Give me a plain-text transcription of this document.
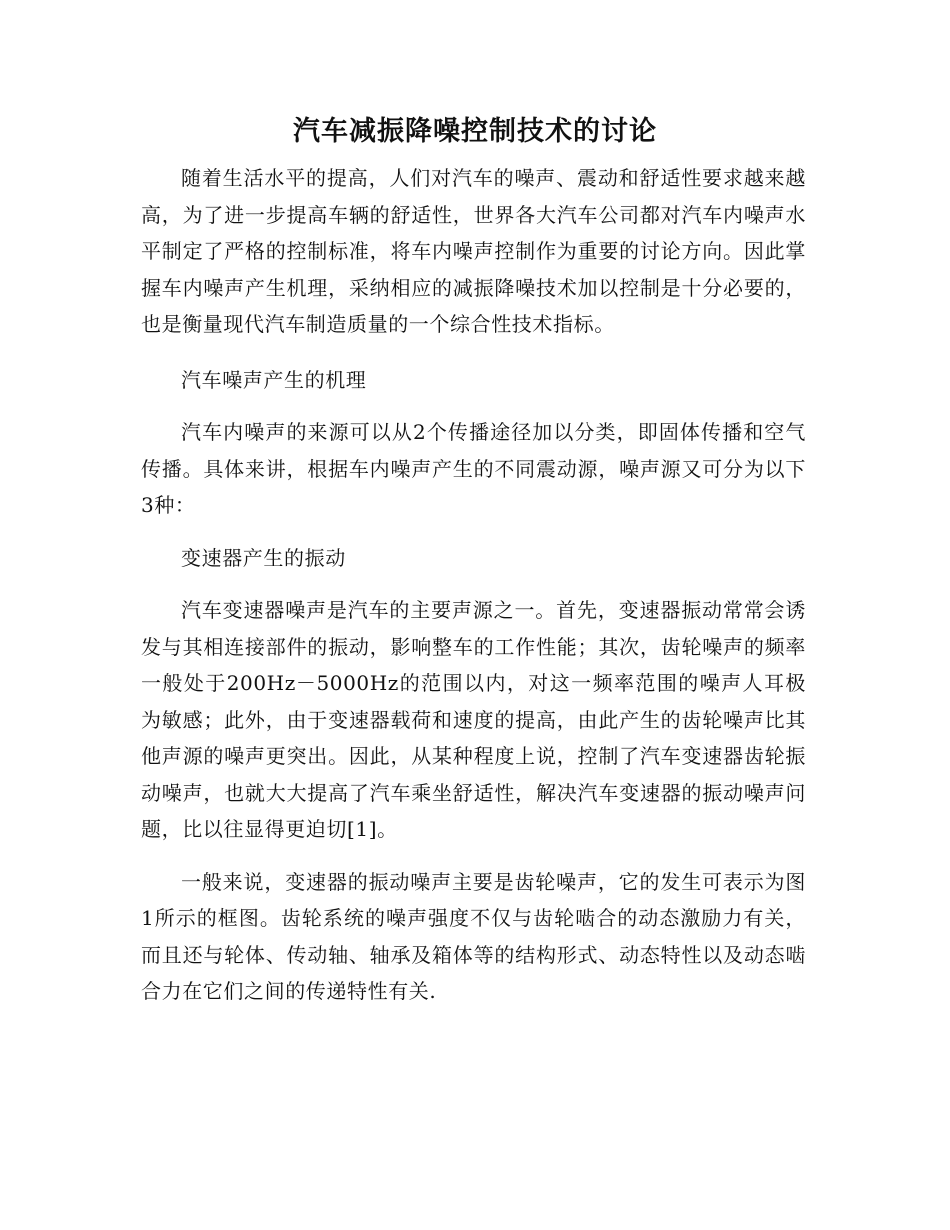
汽车减振降噪控制技术的讨论

随着生活水平的提高，人们对汽车的噪声、震动和舒适性要求越来越高，为了进一步提高车辆的舒适性，世界各大汽车公司都对汽车内噪声水平制定了严格的控制标准，将车内噪声控制作为重要的讨论方向。因此掌握车内噪声产生机理，采纳相应的减振降噪技术加以控制是十分必要的，也是衡量现代汽车制造质量的一个综合性技术指标。

汽车噪声产生的机理

汽车内噪声的来源可以从2个传播途径加以分类，即固体传播和空气传播。具体来讲，根据车内噪声产生的不同震动源，噪声源又可分为以下3种：

变速器产生的振动

汽车变速器噪声是汽车的主要声源之一。首先，变速器振动常常会诱发与其相连接部件的振动，影响整车的工作性能；其次，齿轮噪声的频率一般处于200Hz－5000Hz的范围以内，对这一频率范围的噪声人耳极为敏感；此外，由于变速器载荷和速度的提高，由此产生的齿轮噪声比其他声源的噪声更突出。因此，从某种程度上说，控制了汽车变速器齿轮振动噪声，也就大大提高了汽车乘坐舒适性，解决汽车变速器的振动噪声问题，比以往显得更迫切[1]。

一般来说，变速器的振动噪声主要是齿轮噪声，它的发生可表示为图1所示的框图。齿轮系统的噪声强度不仅与齿轮啮合的动态激励力有关，而且还与轮体、传动轴、轴承及箱体等的结构形式、动态特性以及动态啮合力在它们之间的传递特性有关.
